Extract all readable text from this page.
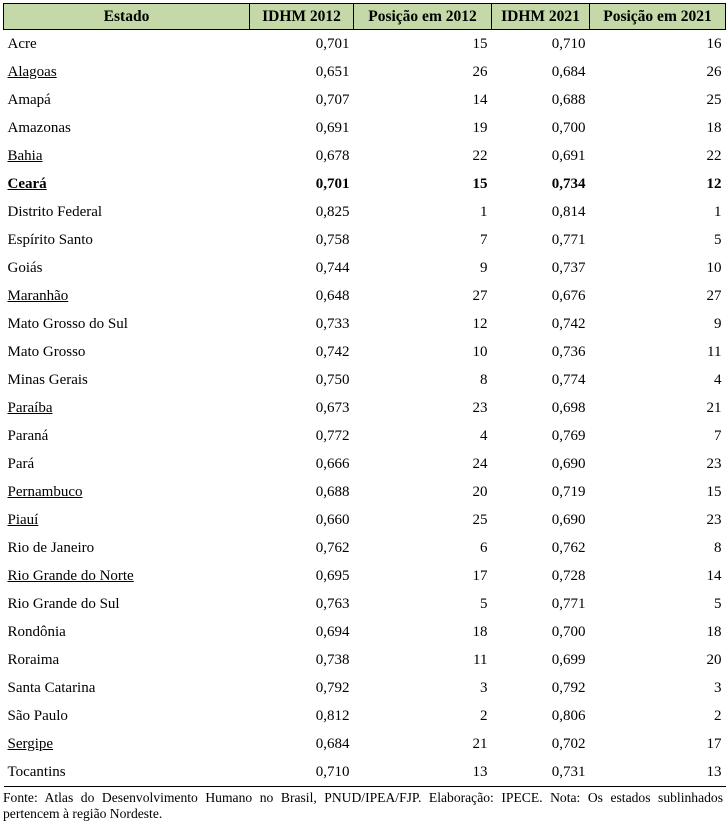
Estado	IDHM 2012	Posição em 2012	IDHM 2021	Posição em 2021
Acre	0,701	15	0,710	16
Alagoas	0,651	26	0,684	26
Amapá	0,707	14	0,688	25
Amazonas	0,691	19	0,700	18
Bahia	0,678	22	0,691	22
Ceará	0,701	15	0,734	12
Distrito Federal	0,825	1	0,814	1
Espírito Santo	0,758	7	0,771	5
Goiás	0,744	9	0,737	10
Maranhão	0,648	27	0,676	27
Mato Grosso do Sul	0,733	12	0,742	9
Mato Grosso	0,742	10	0,736	11
Minas Gerais	0,750	8	0,774	4
Paraíba	0,673	23	0,698	21
Paraná	0,772	4	0,769	7
Pará	0,666	24	0,690	23
Pernambuco	0,688	20	0,719	15
Piauí	0,660	25	0,690	23
Rio de Janeiro	0,762	6	0,762	8
Rio Grande do Norte	0,695	17	0,728	14
Rio Grande do Sul	0,763	5	0,771	5
Rondônia	0,694	18	0,700	18
Roraima	0,738	11	0,699	20
Santa Catarina	0,792	3	0,792	3
São Paulo	0,812	2	0,806	2
Sergipe	0,684	21	0,702	17
Tocantins	0,710	13	0,731	13
Fonte: Atlas do Desenvolvimento Humano no Brasil, PNUD/IPEA/FJP. Elaboração: IPECE. Nota: Os estados sublinhados pertencem à região Nordeste.
